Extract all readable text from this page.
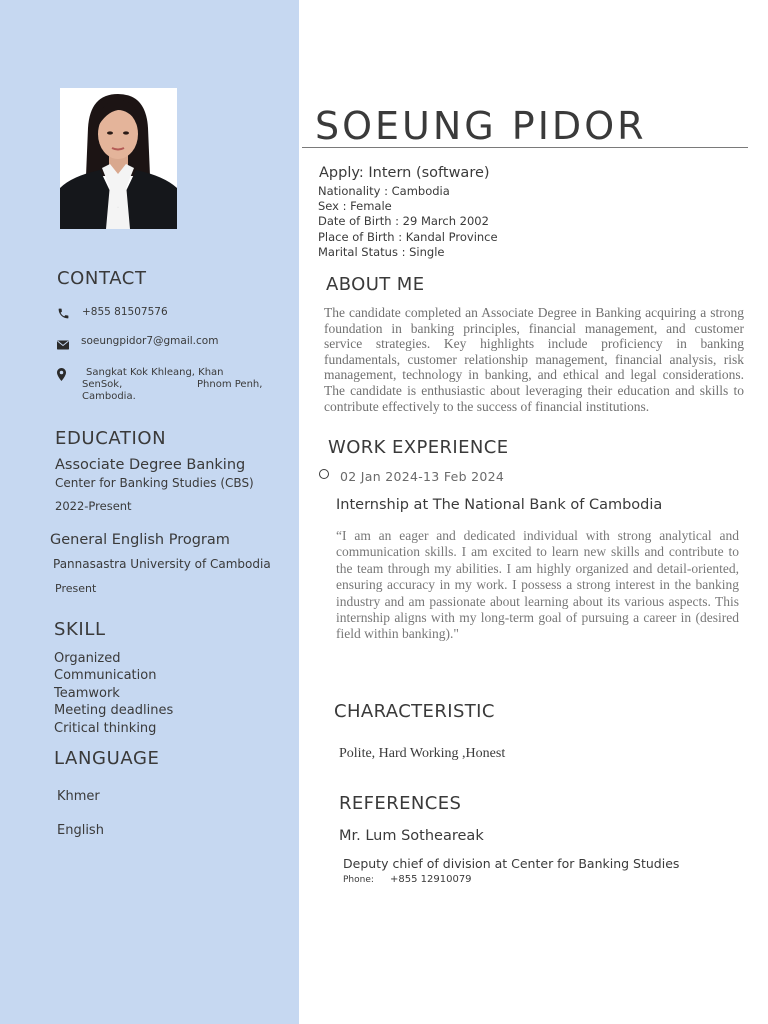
CONTACT
+855 81507576
soeungpidor7@gmail.com
Sangkat Kok Khleang, Khan
SenSok,	Phnom Penh,
Cambodia.
EDUCATION
Associate Degree Banking
Center for Banking Studies (CBS)
2022-Present
General English Program
Pannasastra University of Cambodia
Present
SKILL
Organized
Communication
Teamwork
Meeting deadlines
Critical thinking
LANGUAGE
Khmer
English
SOEUNG PIDOR
Apply: Intern (software)
Nationality : Cambodia
Sex : Female
Date of Birth : 29 March 2002
Place of Birth : Kandal Province
Marital Status : Single
ABOUT ME
The candidate completed an Associate Degree in Banking acquiring a strong foundation in banking principles, financial management, and customer service strategies. Key highlights include proficiency in banking fundamentals, customer relationship management, financial analysis, risk management, technology in banking, and ethical and legal considerations. The candidate is enthusiastic about leveraging their education and skills to contribute effectively to the success of financial institutions.
WORK EXPERIENCE
02 Jan 2024-13 Feb 2024
Internship at The National Bank of Cambodia
“I am an eager and dedicated individual with strong analytical and communication skills. I am excited to learn new skills and contribute to the team through my abilities. I am highly organized and detail-oriented, ensuring accuracy in my work. I possess a strong interest in the banking industry and am passionate about learning about its various aspects. This internship aligns with my long-term goal of pursuing a career in (desired field within banking)."
CHARACTERISTIC
Polite, Hard Working ,Honest
REFERENCES
Mr. Lum Sotheareak
Deputy chief of division at Center for Banking Studies
Phone: +855 12910079
